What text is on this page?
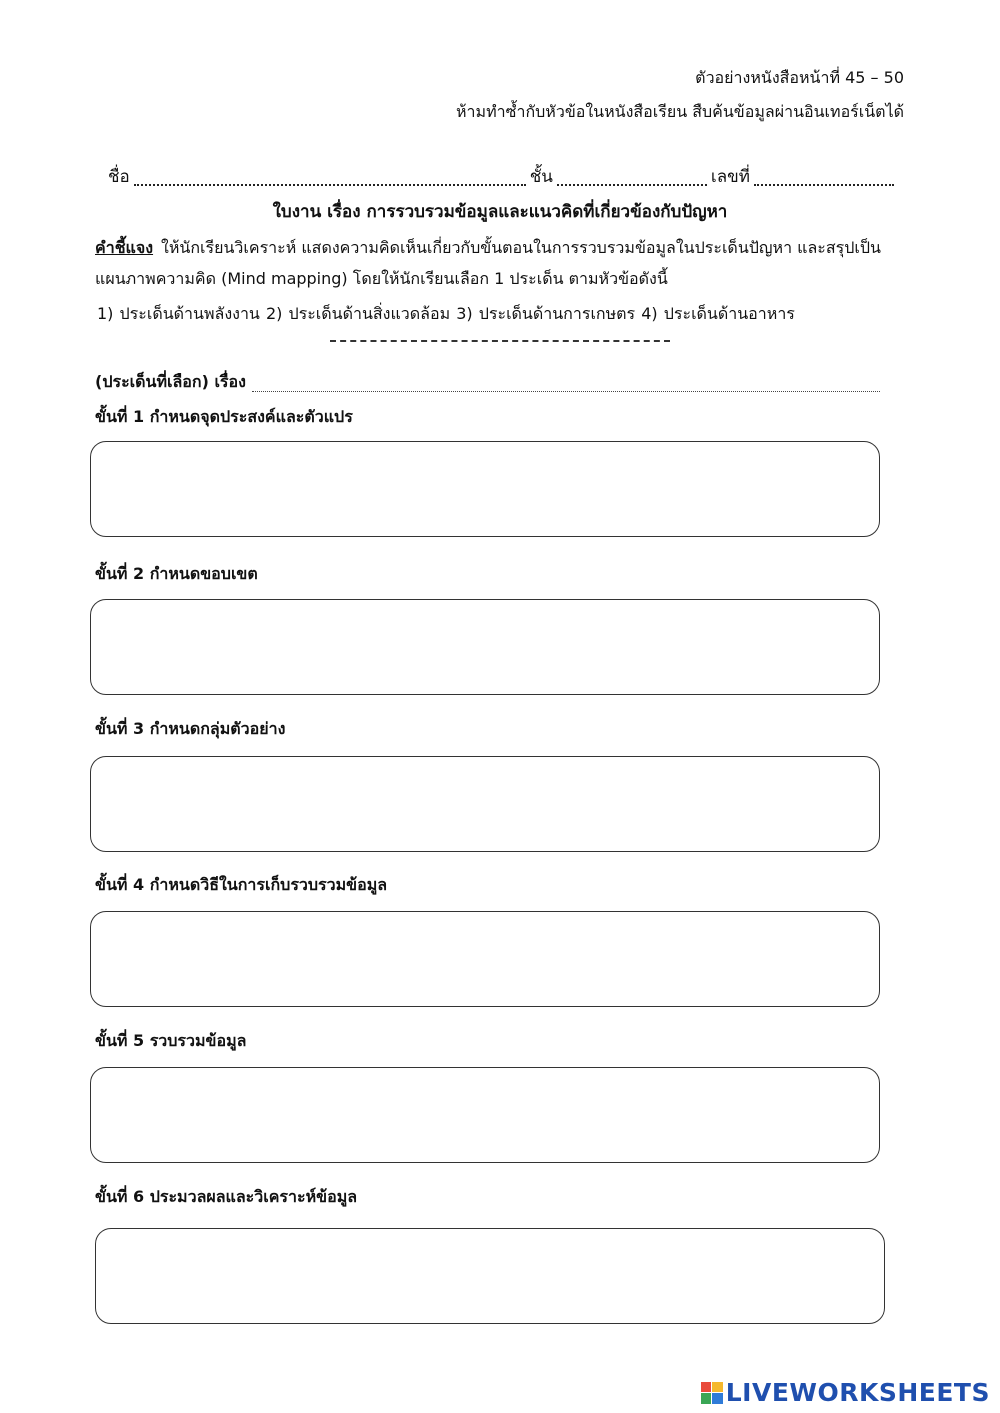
ตัวอย่างหนังสือหน้าที่ 45 – 50
ห้ามทำซ้ำกับหัวข้อในหนังสือเรียน สืบค้นข้อมูลผ่านอินเทอร์เน็ตได้
ชื่อ	ชั้น	เลขที่
ใบงาน เรื่อง การรวบรวมข้อมูลและแนวคิดที่เกี่ยวข้องกับปัญหา
คำชี้แจง ให้นักเรียนวิเคราะห์ แสดงความคิดเห็นเกี่ยวกับขั้นตอนในการรวบรวมข้อมูลในประเด็นปัญหา และสรุปเป็นแผนภาพความคิด (Mind mapping) โดยให้นักเรียนเลือก 1 ประเด็น ตามหัวข้อดังนี้
1) ประเด็นด้านพลังงาน 2) ประเด็นด้านสิ่งแวดล้อม 3) ประเด็นด้านการเกษตร 4) ประเด็นด้านอาหาร
(ประเด็นที่เลือก) เรื่อง
ขั้นที่ 1 กำหนดจุดประสงค์และตัวแปร
ขั้นที่ 2 กำหนดขอบเขต
ขั้นที่ 3 กำหนดกลุ่มตัวอย่าง
ขั้นที่ 4 กำหนดวิธีในการเก็บรวบรวมข้อมูล
ขั้นที่ 5 รวบรวมข้อมูล
ขั้นที่ 6 ประมวลผลและวิเคราะห์ข้อมูล
LIVEWORKSHEETS
